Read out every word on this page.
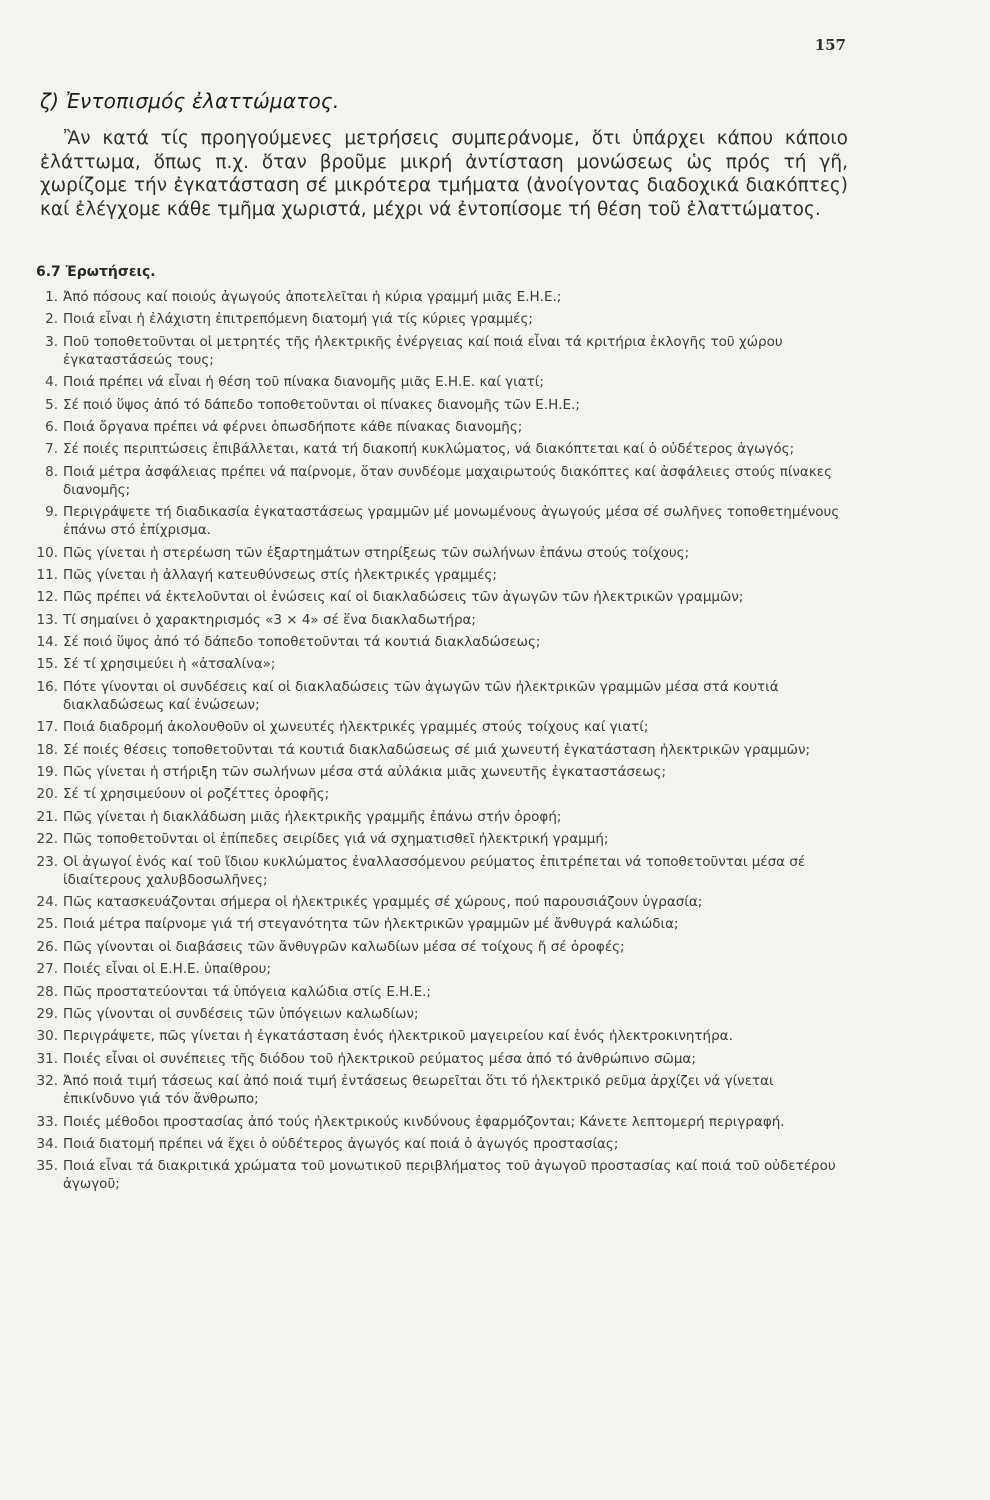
157
ζ) Ἐντοπισμός ἐλαττώματος.

Ἂν κατά τίς προηγούμενες μετρήσεις συμπεράνομε, ὅτι ὑπάρχει κάπου κάποιο ἐλάττωμα, ὅπως π.χ. ὅταν βροῦμε μικρή ἀντίσταση μονώσεως ὡς πρός τή γῆ, χωρίζομε τήν ἐγκατάσταση σέ μικρότερα τμήματα (ἀνοίγοντας διαδοχικά διακόπτες) καί ἐλέγχομε κάθε τμῆμα χωριστά, μέχρι νά ἐντοπίσομε τή θέση τοῦ ἐλαττώματος.

6.7 Ἐρωτήσεις.
1. Ἀπό πόσους καί ποιούς ἀγωγούς ἀποτελεῖται ἡ κύρια γραμμή μιᾶς Ε.Η.Ε.;
2. Ποιά εἶναι ἡ ἐλάχιστη ἐπιτρεπόμενη διατομή γιά τίς κύριες γραμμές;
3. Ποῦ τοποθετοῦνται οἱ μετρητές τῆς ἠλεκτρικῆς ἐνέργειας καί ποιά εἶναι τά κριτήρια ἐκλογῆς τοῦ χώρου ἐγκαταστάσεώς τους;
4. Ποιά πρέπει νά εἶναι ἡ θέση τοῦ πίνακα διανομῆς μιᾶς Ε.Η.Ε. καί γιατί;
5. Σέ ποιό ὕψος ἀπό τό δάπεδο τοποθετοῦνται οἱ πίνακες διανομῆς τῶν Ε.Η.Ε.;
6. Ποιά ὄργανα πρέπει νά φέρνει ὁπωσδήποτε κάθε πίνακας διανομῆς;
7. Σέ ποιές περιπτώσεις ἐπιβάλλεται, κατά τή διακοπή κυκλώματος, νά διακόπτεται καί ὁ οὐδέτερος ἀγωγός;
8. Ποιά μέτρα ἀσφάλειας πρέπει νά παίρνομε, ὅταν συνδέομε μαχαιρωτούς διακόπτες καί ἀσφάλειες στούς πίνακες διανομῆς;
9. Περιγράψετε τή διαδικασία ἐγκαταστάσεως γραμμῶν μέ μονωμένους ἀγωγούς μέσα σέ σωλῆνες τοποθετημένους ἐπάνω στό ἐπίχρισμα.
10. Πῶς γίνεται ἡ στερέωση τῶν ἐξαρτημάτων στηρίξεως τῶν σωλήνων ἐπάνω στούς τοίχους;
11. Πῶς γίνεται ἡ ἀλλαγή κατευθύνσεως στίς ἠλεκτρικές γραμμές;
12. Πῶς πρέπει νά ἐκτελοῦνται οἱ ἐνώσεις καί οἱ διακλαδώσεις τῶν ἀγωγῶν τῶν ἠλεκτρικῶν γραμμῶν;
13. Τί σημαίνει ὁ χαρακτηρισμός «3 × 4» σέ ἕνα διακλαδωτήρα;
14. Σέ ποιό ὕψος ἀπό τό δάπεδο τοποθετοῦνται τά κουτιά διακλαδώσεως;
15. Σέ τί χρησιμεύει ἡ «ἀτσαλίνα»;
16. Πότε γίνονται οἱ συνδέσεις καί οἱ διακλαδώσεις τῶν ἀγωγῶν τῶν ἠλεκτρικῶν γραμμῶν μέσα στά κουτιά διακλαδώσεως καί ἐνώσεων;
17. Ποιά διαδρομή ἀκολουθοῦν οἱ χωνευτές ἠλεκτρικές γραμμές στούς τοίχους καί γιατί;
18. Σέ ποιές θέσεις τοποθετοῦνται τά κουτιά διακλαδώσεως σέ μιά χωνευτή ἐγκατάσταση ἠλεκτρικῶν γραμμῶν;
19. Πῶς γίνεται ἡ στήριξη τῶν σωλήνων μέσα στά αὐλάκια μιᾶς χωνευτῆς ἐγκαταστάσεως;
20. Σέ τί χρησιμεύουν οἱ ροζέττες ὀροφῆς;
21. Πῶς γίνεται ἡ διακλάδωση μιᾶς ἠλεκτρικῆς γραμμῆς ἐπάνω στήν ὀροφή;
22. Πῶς τοποθετοῦνται οἱ ἐπίπεδες σειρίδες γιά νά σχηματισθεῖ ἠλεκτρική γραμμή;
23. Οἱ ἀγωγοί ἑνός καί τοῦ ἴδιου κυκλώματος ἐναλλασσόμενου ρεύματος ἐπιτρέπεται νά τοποθετοῦνται μέσα σέ ἰδιαίτερους χαλυβδοσωλῆνες;
24. Πῶς κατασκευάζονται σήμερα οἱ ἠλεκτρικές γραμμές σέ χώρους, πού παρουσιάζουν ὑγρασία;
25. Ποιά μέτρα παίρνομε γιά τή στεγανότητα τῶν ἠλεκτρικῶν γραμμῶν μέ ἄνθυγρά καλώδια;
26. Πῶς γίνονται οἱ διαβάσεις τῶν ἄνθυγρῶν καλωδίων μέσα σέ τοίχους ἤ σέ ὀροφές;
27. Ποιές εἶναι οἱ Ε.Η.Ε. ὑπαίθρου;
28. Πῶς προστατεύονται τά ὑπόγεια καλώδια στίς Ε.Η.Ε.;
29. Πῶς γίνονται οἱ συνδέσεις τῶν ὑπόγειων καλωδίων;
30. Περιγράψετε, πῶς γίνεται ἡ ἐγκατάσταση ἑνός ἠλεκτρικοῦ μαγειρείου καί ἑνός ἠλεκτροκινητήρα.
31. Ποιές εἶναι οἱ συνέπειες τῆς διόδου τοῦ ἠλεκτρικοῦ ρεύματος μέσα ἀπό τό ἀνθρώπινο σῶμα;
32. Ἀπό ποιά τιμή τάσεως καί ἀπό ποιά τιμή ἐντάσεως θεωρεῖται ὅτι τό ἠλεκτρικό ρεῦμα ἀρχίζει νά γίνεται ἐπικίνδυνο γιά τόν ἄνθρωπο;
33. Ποιές μέθοδοι προστασίας ἀπό τούς ἠλεκτρικούς κινδύνους ἐφαρμόζονται; Κάνετε λεπτομερή περιγραφή.
34. Ποιά διατομή πρέπει νά ἔχει ὁ οὐδέτερος ἀγωγός καί ποιά ὁ ἀγωγός προστασίας;
35. Ποιά εἶναι τά διακριτικά χρώματα τοῦ μονωτικοῦ περιβλήματος τοῦ ἀγωγοῦ προστασίας καί ποιά τοῦ οὐδετέρου ἀγωγοῦ;
